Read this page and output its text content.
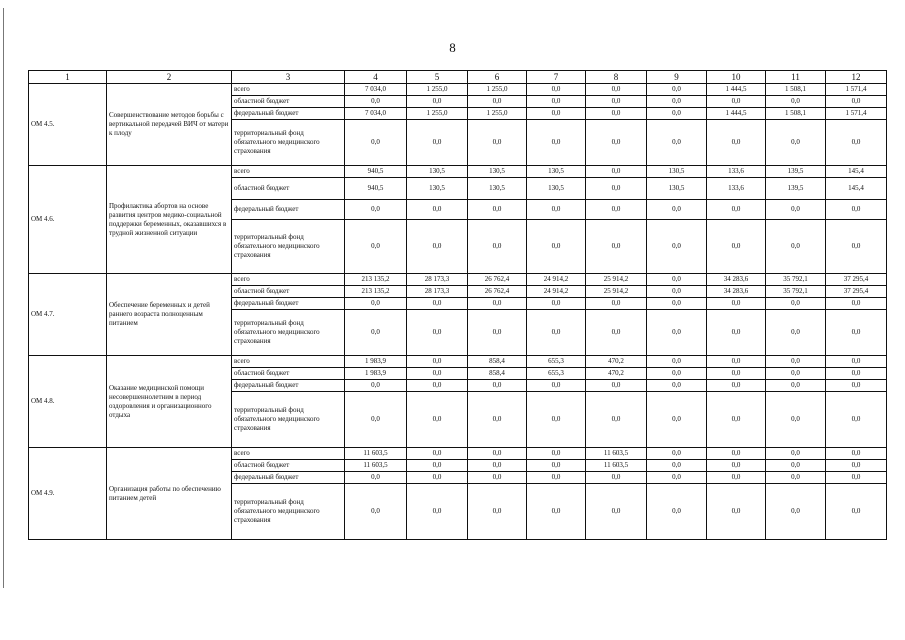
8
1	2	3	4	5	6	7	8	9	10	11	12
ОМ 4.5.	Совершенствование методов борьбы с вертикальной передачей ВИЧ от матери к плоду	всего	7 034,0	1 255,0	1 255,0	0,0	0,0	0,0	1 444,5	1 508,1	1 571,4
		областной бюджет	0,0	0,0	0,0	0,0	0,0	0,0	0,0	0,0	0,0
		федеральный бюджет	7 034,0	1 255,0	1 255,0	0,0	0,0	0,0	1 444,5	1 508,1	1 571,4
		территориальный фонд обязательного медицинского страхования	0,0	0,0	0,0	0,0	0,0	0,0	0,0	0,0	0,0
ОМ 4.6.	Профилактика абортов на основе развития центров медико-социальной поддержки беременных, оказавшихся в трудной жизненной ситуации	всего	940,5	130,5	130,5	130,5	0,0	130,5	133,6	139,5	145,4
		областной бюджет	940,5	130,5	130,5	130,5	0,0	130,5	133,6	139,5	145,4
		федеральный бюджет	0,0	0,0	0,0	0,0	0,0	0,0	0,0	0,0	0,0
		территориальный фонд обязательного медицинского страхования	0,0	0,0	0,0	0,0	0,0	0,0	0,0	0,0	0,0
ОМ 4.7.	Обеспечение беременных и детей раннего возраста полноценным питанием	всего	213 135,2	28 173,3	26 762,4	24 914,2	25 914,2	0,0	34 283,6	35 792,1	37 295,4
		областной бюджет	213 135,2	28 173,3	26 762,4	24 914,2	25 914,2	0,0	34 283,6	35 792,1	37 295,4
		федеральный бюджет	0,0	0,0	0,0	0,0	0,0	0,0	0,0	0,0	0,0
		территориальный фонд обязательного медицинского страхования	0,0	0,0	0,0	0,0	0,0	0,0	0,0	0,0	0,0
ОМ 4.8.	Оказание медицинской помощи несовершеннолетним в период оздоровления и организационного отдыха	всего	1 983,9	0,0	858,4	655,3	470,2	0,0	0,0	0,0	0,0
		областной бюджет	1 983,9	0,0	858,4	655,3	470,2	0,0	0,0	0,0	0,0
		федеральный бюджет	0,0	0,0	0,0	0,0	0,0	0,0	0,0	0,0	0,0
		территориальный фонд обязательного медицинского страхования	0,0	0,0	0,0	0,0	0,0	0,0	0,0	0,0	0,0
ОМ 4.9.	Организация работы по обеспечению питанием детей	всего	11 603,5	0,0	0,0	0,0	11 603,5	0,0	0,0	0,0	0,0
		областной бюджет	11 603,5	0,0	0,0	0,0	11 603,5	0,0	0,0	0,0	0,0
		федеральный бюджет	0,0	0,0	0,0	0,0	0,0	0,0	0,0	0,0	0,0
		территориальный фонд обязательного медицинского страхования	0,0	0,0	0,0	0,0	0,0	0,0	0,0	0,0	0,0
